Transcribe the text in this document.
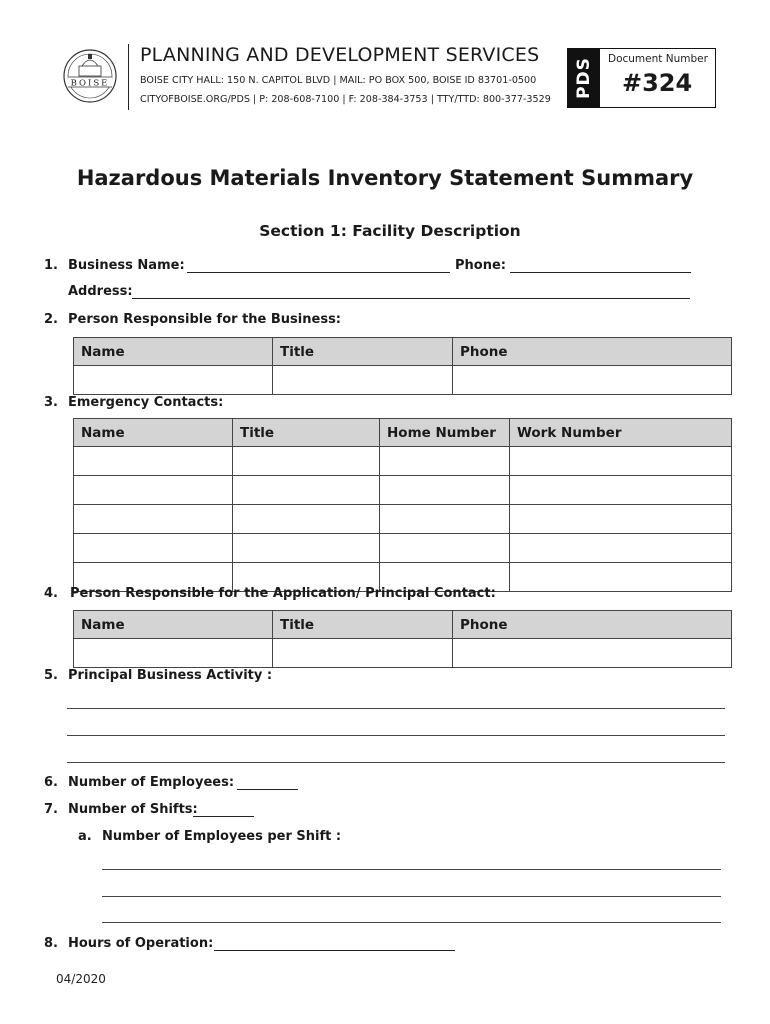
BOISE
PLANNING AND DEVELOPMENT SERVICES
BOISE CITY HALL: 150 N. CAPITOL BLVD | MAIL: PO BOX 500, BOISE ID 83701-0500
CITYOFBOISE.ORG/PDS | P: 208-608-7100 | F: 208-384-3753 | TTY/TTD: 800-377-3529
PDS Document Number
#324
Hazardous Materials Inventory Statement Summary
Section 1: Facility Description
1. Business Name:	Phone:
Address:
2. Person Responsible for the Business:
Name	Title	Phone

3. Emergency Contacts:
Name	Title	Home Number	Work Number

4. Person Responsible for the Application/ Principal Contact:
Name	Title	Phone

5. Principal Business Activity :
6. Number of Employees:
7. Number of Shifts:
a. Number of Employees per Shift :
8. Hours of Operation:
04/2020
